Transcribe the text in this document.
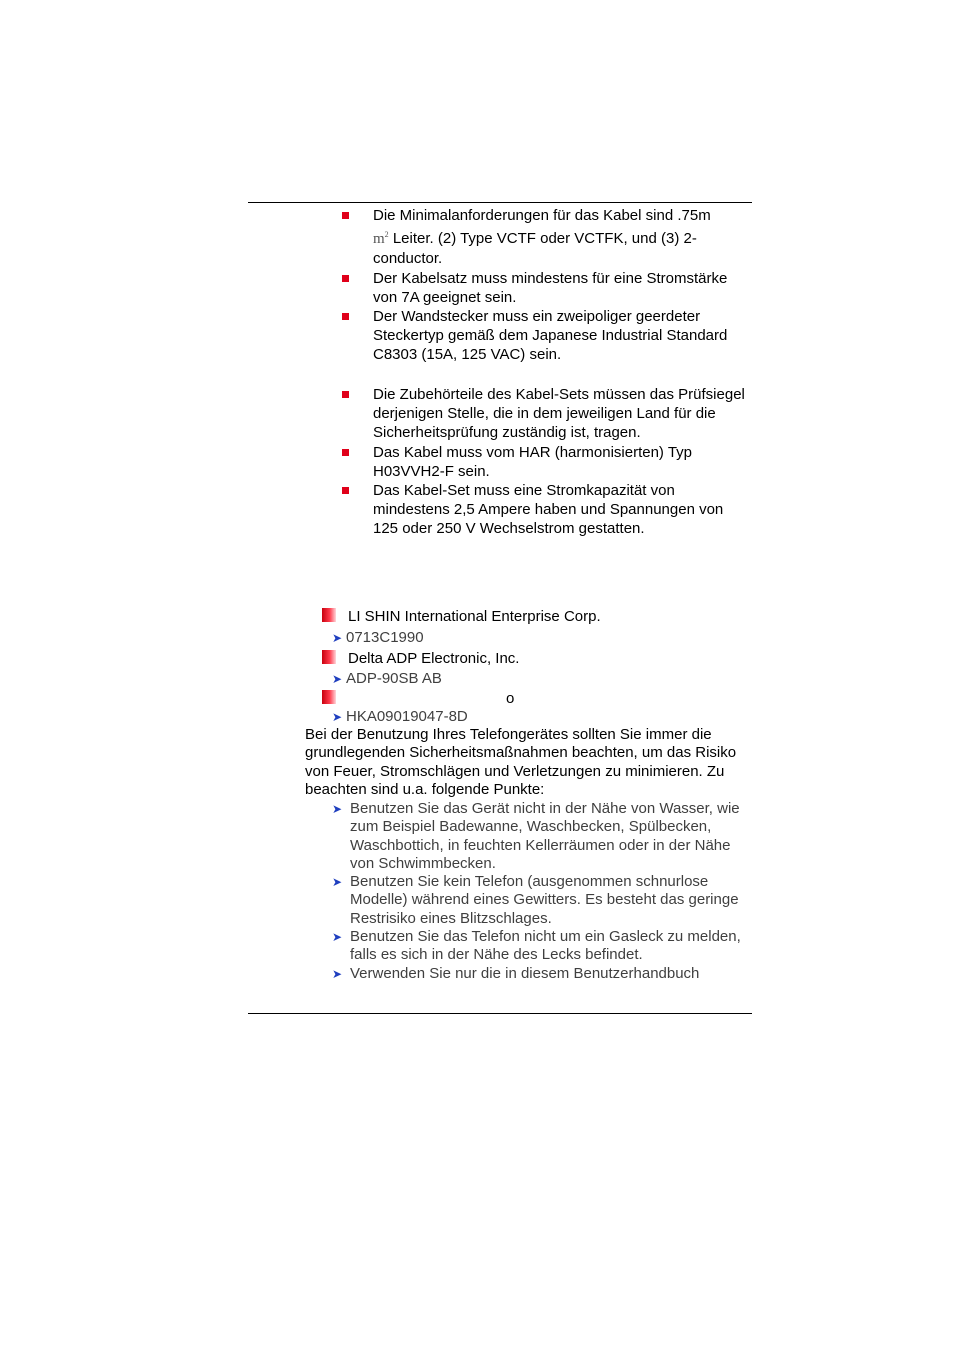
Die Minimalanforderungen für das Kabel sind .75m
$m^2$ Leiter. (2) Type VCTF oder VCTFK, und (3) 2-conductor.
Der Kabelsatz muss mindestens für eine Stromstärke von 7A geeignet sein.
Der Wandstecker muss ein zweipoliger geerdeter Steckertyp gemäß dem Japanese Industrial Standard C8303 (15A, 125 VAC) sein.
Die Zubehörteile des Kabel-Sets müssen das Prüfsiegel derjenigen Stelle, die in dem jeweiligen Land für die Sicherheitsprüfung zuständig ist, tragen.
Das Kabel muss vom HAR (harmonisierten) Typ H03VVH2-F sein.
Das Kabel-Set muss eine Stromkapazität von mindestens 2,5 Ampere haben und Spannungen von 125 oder 250 V Wechselstrom gestatten.
LI SHIN International Enterprise Corp.
➤ 0713C1990
Delta ADP Electronic, Inc.
➤ ADP-90SB AB
o
➤ HKA09019047-8D

Bei der Benutzung Ihres Telefongerätes sollten Sie immer die grundlegenden Sicherheitsmaßnahmen beachten, um das Risiko von Feuer, Stromschlägen und Verletzungen zu minimieren. Zu beachten sind u.a. folgende Punkte:

➤ Benutzen Sie das Gerät nicht in der Nähe von Wasser, wie zum Beispiel Badewanne, Waschbecken, Spülbecken, Waschbottich, in feuchten Kellerräumen oder in der Nähe von Schwimmbecken.
➤ Benutzen Sie kein Telefon (ausgenommen schnurlose Modelle) während eines Gewitters. Es besteht das geringe Restrisiko eines Blitzschlages.
➤ Benutzen Sie das Telefon nicht um ein Gasleck zu melden, falls es sich in der Nähe des Lecks befindet.
➤ Verwenden Sie nur die in diesem Benutzerhandbuch
